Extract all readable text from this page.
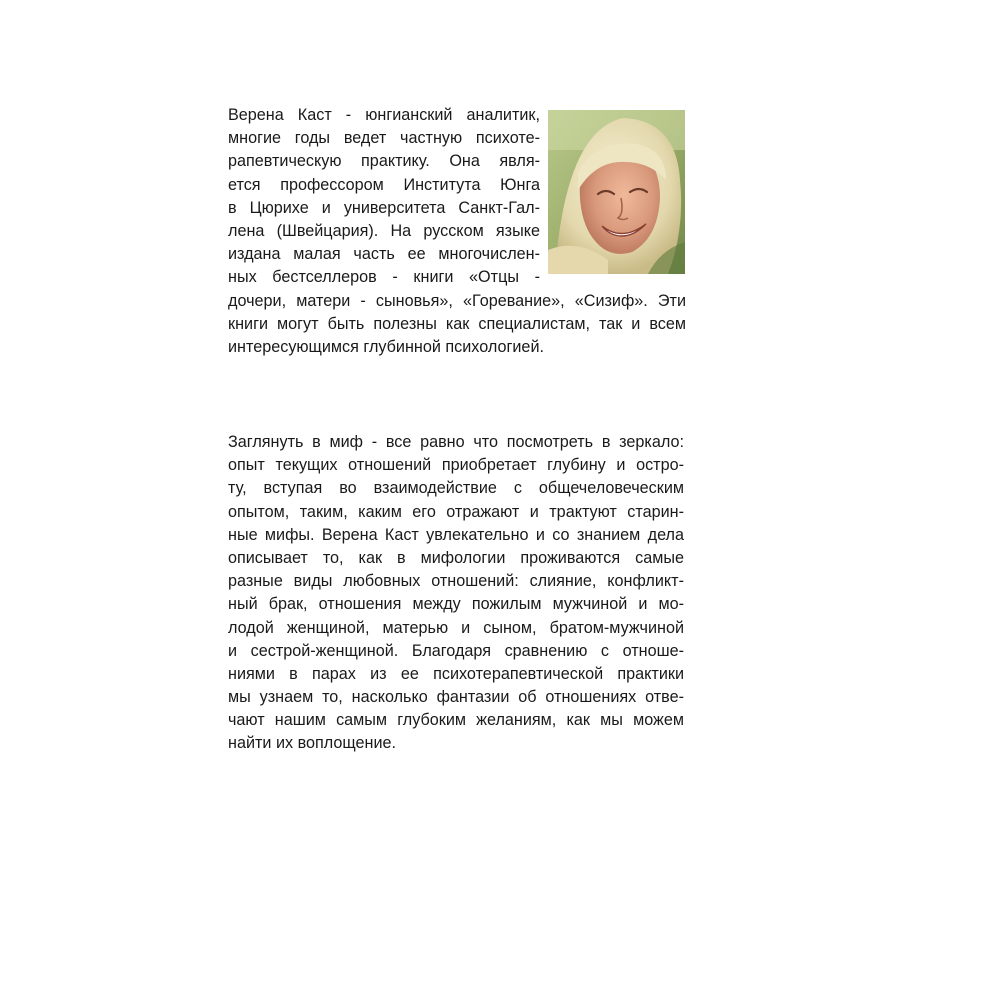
Верена Каст - юнгианский аналитик,
многие годы ведет частную психоте-
рапевтическую практику. Она явля-
ется профессором Института Юнга
в Цюрихе и университета Санкт-Гал-
лена (Швейцария). На русском языке
издана малая часть ее многочислен-
ных бестселлеров - книги «Отцы -
дочери, матери - сыновья», «Горевание», «Сизиф». Эти
книги могут быть полезны как специалистам, так и всем
интересующимся глубинной психологией.
Заглянуть в миф - все равно что посмотреть в зеркало:
опыт текущих отношений приобретает глубину и остро-
ту, вступая во взаимодействие с общечеловеческим
опытом, таким, каким его отражают и трактуют старин-
ные мифы. Верена Каст увлекательно и со знанием дела
описывает то, как в мифологии проживаются самые
разные виды любовных отношений: слияние, конфликт-
ный брак, отношения между пожилым мужчиной и мо-
лодой женщиной, матерью и сыном, братом-мужчиной
и сестрой-женщиной. Благодаря сравнению с отноше-
ниями в парах из ее психотерапевтической практики
мы узнаем то, насколько фантазии об отношениях отве-
чают нашим самым глубоким желаниям, как мы можем
найти их воплощение.
